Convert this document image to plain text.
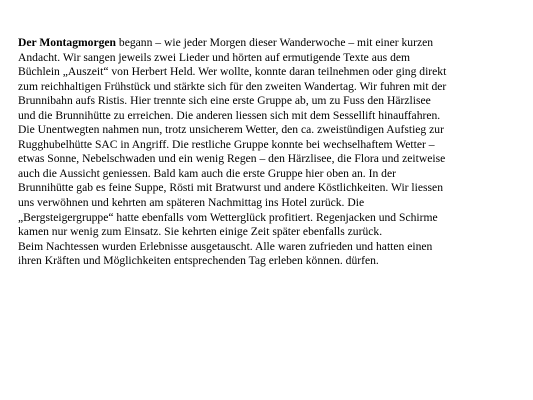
Der Montagmorgen begann – wie jeder Morgen dieser Wanderwoche – mit einer kurzen
Andacht. Wir sangen jeweils zwei Lieder und hörten auf ermutigende Texte aus dem
Büchlein „Auszeit“ von Herbert Held. Wer wollte, konnte daran teilnehmen oder ging direkt
zum reichhaltigen Frühstück und stärkte sich für den zweiten Wandertag. Wir fuhren mit der
Brunnibahn aufs Ristis. Hier trennte sich eine erste Gruppe ab, um zu Fuss den Härzlisee
und die Brunnihütte zu erreichen. Die anderen liessen sich mit dem Sessellift hinauffahren.
Die Unentwegten nahmen nun, trotz unsicherem Wetter, den ca. zweistündigen Aufstieg zur
Rugghubelhütte SAC in Angriff. Die restliche Gruppe konnte bei wechselhaftem Wetter –
etwas Sonne, Nebelschwaden und ein wenig Regen – den Härzlisee, die Flora und zeitweise
auch die Aussicht geniessen. Bald kam auch die erste Gruppe hier oben an. In der
Brunnihütte gab es feine Suppe, Rösti mit Bratwurst und andere Köstlichkeiten. Wir liessen
uns verwöhnen und kehrten am späteren Nachmittag ins Hotel zurück. Die
„Bergsteigergruppe“ hatte ebenfalls vom Wetterglück profitiert. Regenjacken und Schirme
kamen nur wenig zum Einsatz. Sie kehrten einige Zeit später ebenfalls zurück.
Beim Nachtessen wurden Erlebnisse ausgetauscht. Alle waren zufrieden und hatten einen
ihren Kräften und Möglichkeiten entsprechenden Tag erleben können. dürfen.
